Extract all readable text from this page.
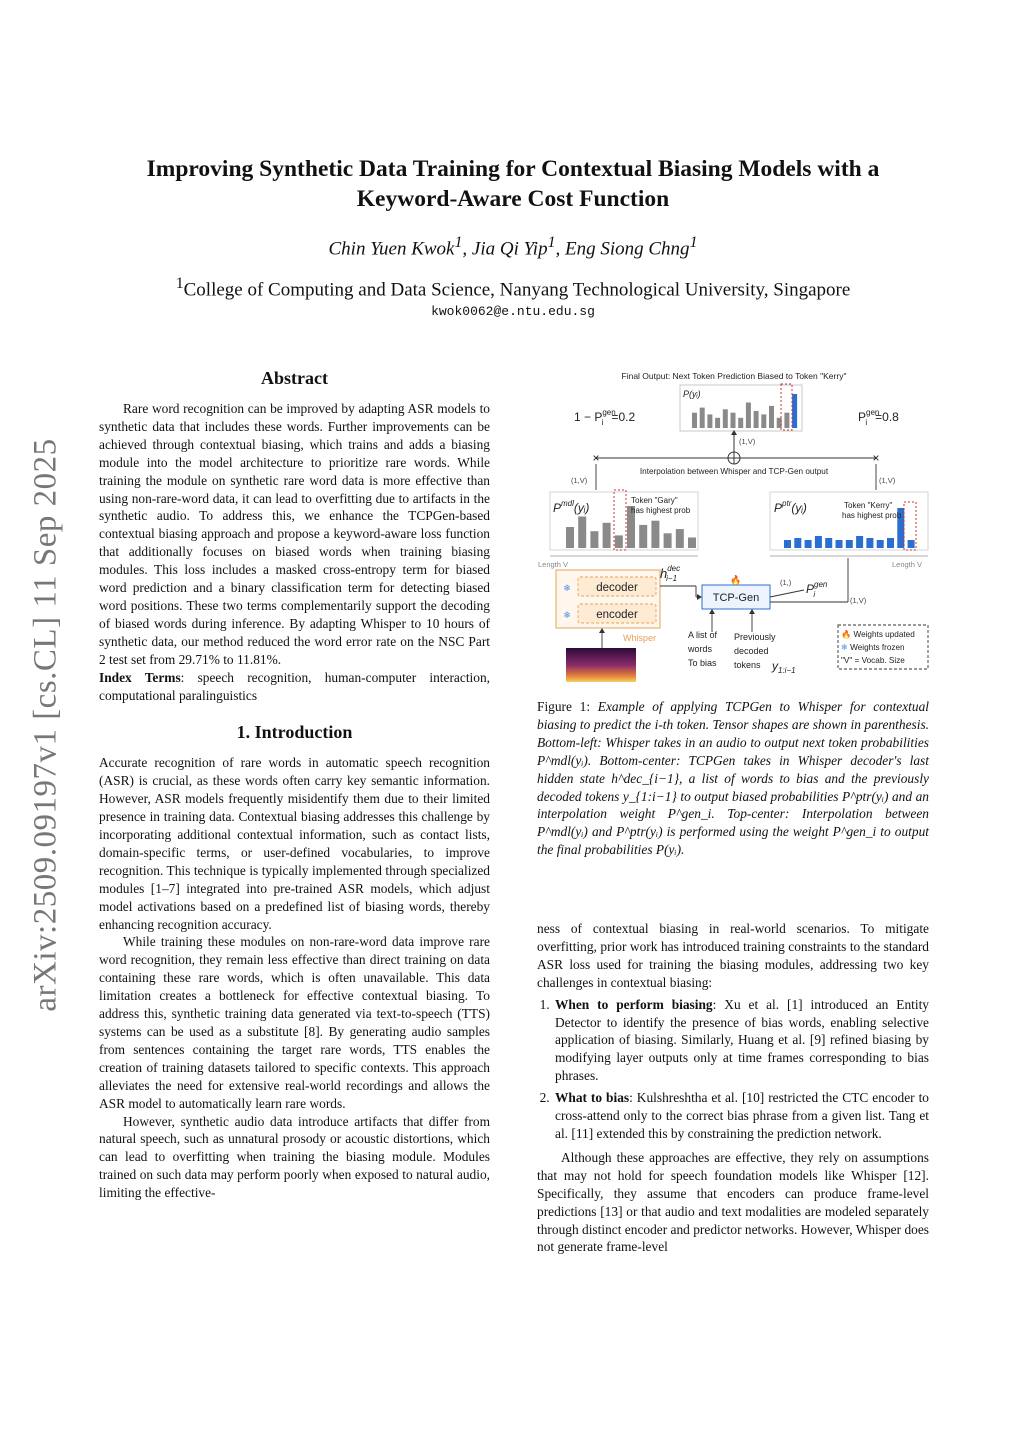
arXiv:2509.09197v1 [cs.CL] 11 Sep 2025
Improving Synthetic Data Training for Contextual Biasing Models with a
Keyword-Aware Cost Function
Chin Yuen Kwok$^1$, Jia Qi Yip$^1$, Eng Siong Chng$^1$
$^1$College of Computing and Data Science, Nanyang Technological University, Singapore
kwok0062@e.ntu.edu.sg
Abstract

Rare word recognition can be improved by adapting ASR models to synthetic data that includes these words. Further improvements can be achieved through contextual biasing, which trains and adds a biasing module into the model architecture to prioritize rare words. While training the module on synthetic rare word data is more effective than using non-rare-word data, it can lead to overfitting due to artifacts in the synthetic audio. To address this, we enhance the TCPGen-based contextual biasing approach and propose a keyword-aware loss function that additionally focuses on biased words when training biasing modules. This loss includes a masked cross-entropy term for biased word prediction and a binary classification term for detecting biased word positions. These two terms complementarily support the decoding of biased words during inference. By adapting Whisper to 10 hours of synthetic data, our method reduced the word error rate on the NSC Part 2 test set from 29.71% to 11.81%.

Index Terms: speech recognition, human-computer interaction, computational paralinguistics

1. Introduction

Accurate recognition of rare words in automatic speech recognition (ASR) is crucial, as these words often carry key semantic information. However, ASR models frequently misidentify them due to their limited presence in training data. Contextual biasing addresses this challenge by incorporating additional contextual information, such as contact lists, domain-specific terms, or user-defined vocabularies, to improve recognition. This technique is typically implemented through specialized modules [1–7] integrated into pre-trained ASR models, which adjust model activations based on a predefined list of biasing words, thereby enhancing recognition accuracy.

While training these modules on non-rare-word data improve rare word recognition, they remain less effective than direct training on data containing these rare words, which is often unavailable. This data limitation creates a bottleneck for effective contextual biasing. To address this, synthetic training data generated via text-to-speech (TTS) systems can be used as a substitute [8]. By generating audio samples from sentences containing the target rare words, TTS enables the creation of training datasets tailored to specific contexts. This approach alleviates the need for extensive real-world recordings and allows the ASR model to automatically learn rare words.

However, synthetic audio data introduce artifacts that differ from natural speech, such as unnatural prosody or acoustic distortions, which can lead to overfitting when training the biasing module. Modules trained on such data may perform poorly when exposed to natural audio, limiting the effective-

Final Output: Next Token Prediction Biased to Token "Kerry"
P(yᵢ)
$1 - P^{gen}$ i =0.2	$P^{gen}$ i =0.8
×	×
(1,V)
Interpolation between Whisper and TCP-Gen output
(1,V)	(1,V)
$P^{mdl}(yᵢ)$
Token "Gary"
has highest prob
Length V
$P^{ptr}(yᵢ)$	Token "Kerry"
has highest prob
Length V
decoder
encoder
❄
❄
Whisper
$h^{dec}$ i−1
TCP-Gen
🔥	(1,) $P^{gen}$ i
(1,V)
A list of
words
To bias
Previously
decoded
tokens $y_{1:i-1}$
🔥 Weights updated
❄ Weights frozen
"V" = Vocab. Size
Figure 1: Example of applying TCPGen to Whisper for contextual biasing to predict the i-th token. Tensor shapes are shown in parenthesis. Bottom-left: Whisper takes in an audio to output next token probabilities P^mdl(yᵢ). Bottom-center: TCPGen takes in Whisper decoder's last hidden state h^dec_{i−1}, a list of words to bias and the previously decoded tokens y_{1:i−1} to output biased probabilities P^ptr(yᵢ) and an interpolation weight P^gen_i. Top-center: Interpolation between P^mdl(yᵢ) and P^ptr(yᵢ) is performed using the weight P^gen_i to output the final probabilities P(yᵢ).

ness of contextual biasing in real-world scenarios. To mitigate overfitting, prior work has introduced training constraints to the standard ASR loss used for training the biasing modules, addressing two key challenges in contextual biasing:

1. When to perform biasing: Xu et al. [1] introduced an Entity Detector to identify the presence of bias words, enabling selective application of biasing. Similarly, Huang et al. [9] refined biasing by modifying layer outputs only at time frames corresponding to bias phrases.
2. What to bias: Kulshreshtha et al. [10] restricted the CTC encoder to cross-attend only to the correct bias phrase from a given list. Tang et al. [11] extended this by constraining the prediction network.

Although these approaches are effective, they rely on assumptions that may not hold for speech foundation models like Whisper [12]. Specifically, they assume that encoders can produce frame-level predictions [13] or that audio and text modalities are modeled separately through distinct encoder and predictor networks. However, Whisper does not generate frame-level
